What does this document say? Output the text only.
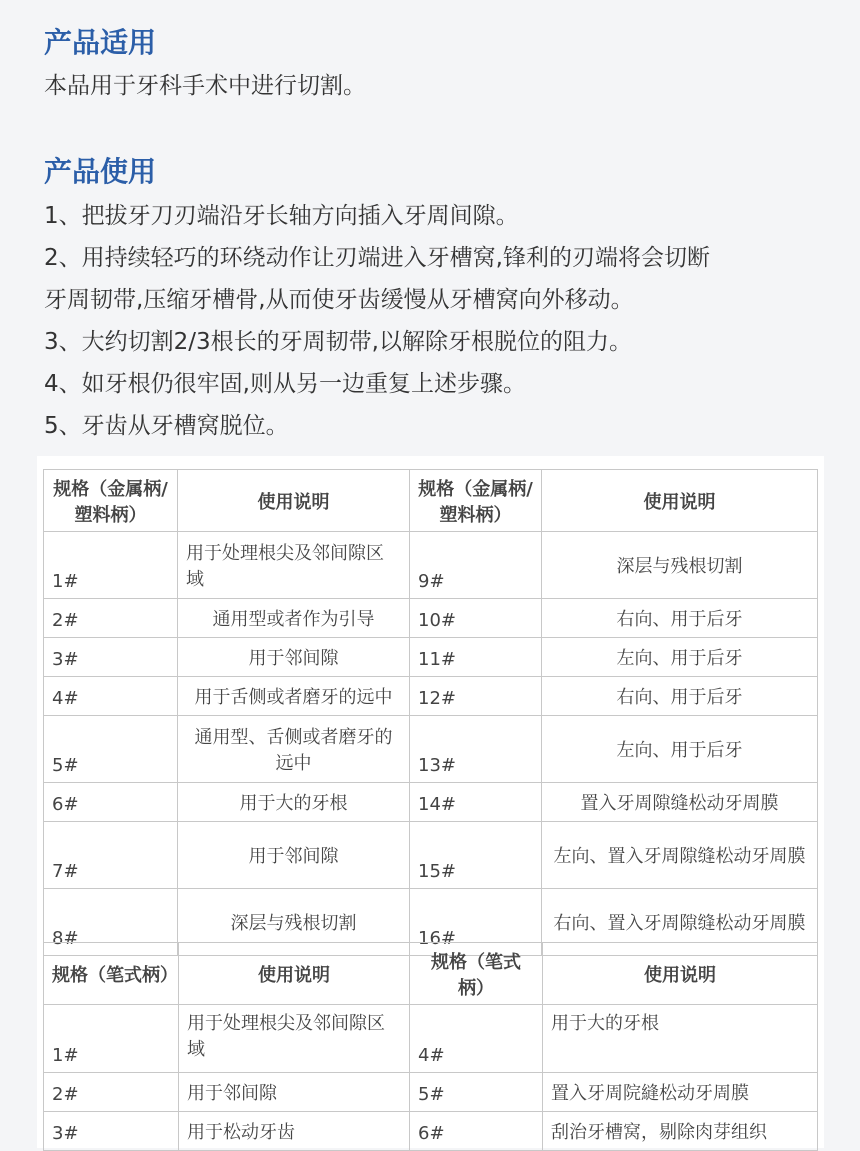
产品适用

本品用于牙科手术中进行切割。

产品使用

1、把拔牙刀刃端沿牙长轴方向插入牙周间隙。

2、用持续轻巧的环绕动作让刃端进入牙槽窝,锋利的刃端将会切断

牙周韧带,压缩牙槽骨,从而使牙齿缓慢从牙槽窝向外移动。

3、大约切割2/3根长的牙周韧带,以解除牙根脱位的阻力。

4、如牙根仍很牢固,则从另一边重复上述步骤。

5、牙齿从牙槽窝脱位。

规格（金属柄/塑料柄）	使用说明	规格（金属柄/塑料柄）	使用说明
1#	用于处理根尖及邻间隙区域	9#	深层与残根切割
2#	通用型或者作为引导	10#	右向、用于后牙
3#	用于邻间隙	11#	左向、用于后牙
4#	用于舌侧或者磨牙的远中	12#	右向、用于后牙
5#	通用型、舌侧或者磨牙的远中	13#	左向、用于后牙
6#	用于大的牙根	14#	置入牙周隙缝松动牙周膜
7#	用于邻间隙	15#	左向、置入牙周隙缝松动牙周膜
8#	深层与残根切割	16#	右向、置入牙周隙缝松动牙周膜
规格（笔式柄）	使用说明	规格（笔式柄）	使用说明
1#	用于处理根尖及邻间隙区域	4#	用于大的牙根
2#	用于邻间隙	5#	置入牙周院縫松动牙周膜
3#	用于松动牙齿	6#	刮治牙槽窝，剔除肉芽组织
